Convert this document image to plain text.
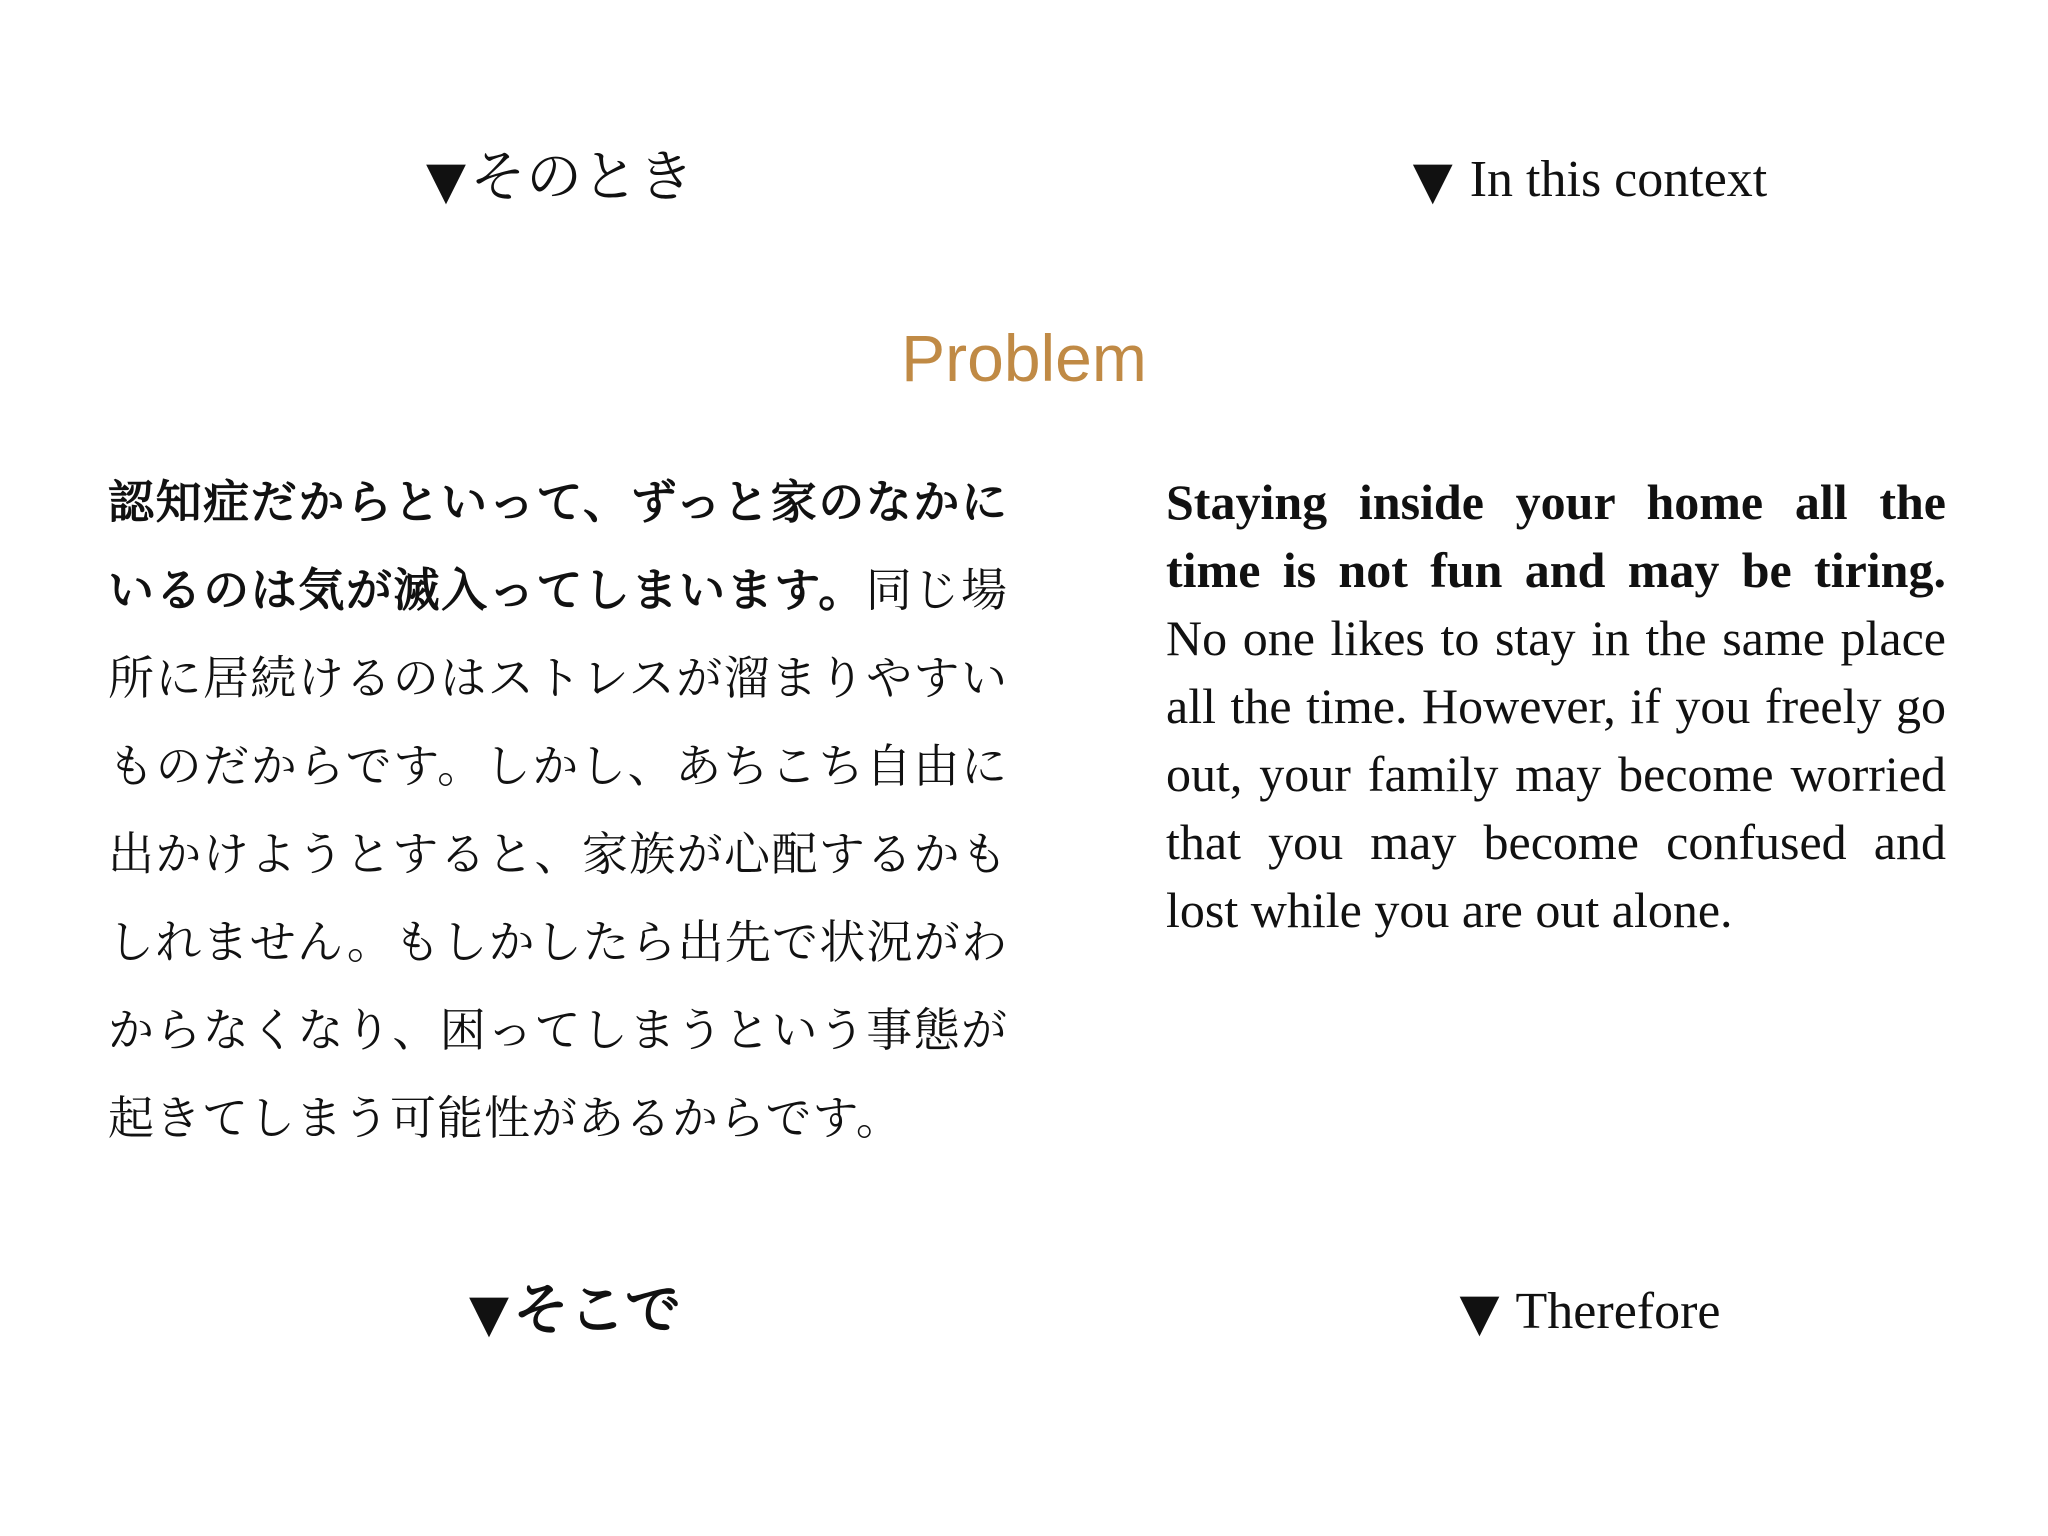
▼そのとき	▼ In this context
Problem
認知症だからといって、ずっと家のなかにいるのは気が滅入ってしまいます。同じ場所に居続けるのはストレスが溜まりやすいものだからです。しかし、あちこち自由に出かけようとすると、家族が心配するかもしれません。もしかしたら出先で状況がわからなくなり、困ってしまうという事態が起きてしまう可能性があるからです。
Staying inside your home all the time is not fun and may be tiring. No one likes to stay in the same place all the time. However, if you freely go out, your family may become worried that you may become confused and lost while you are out alone.
▼そこで	▼ Therefore
